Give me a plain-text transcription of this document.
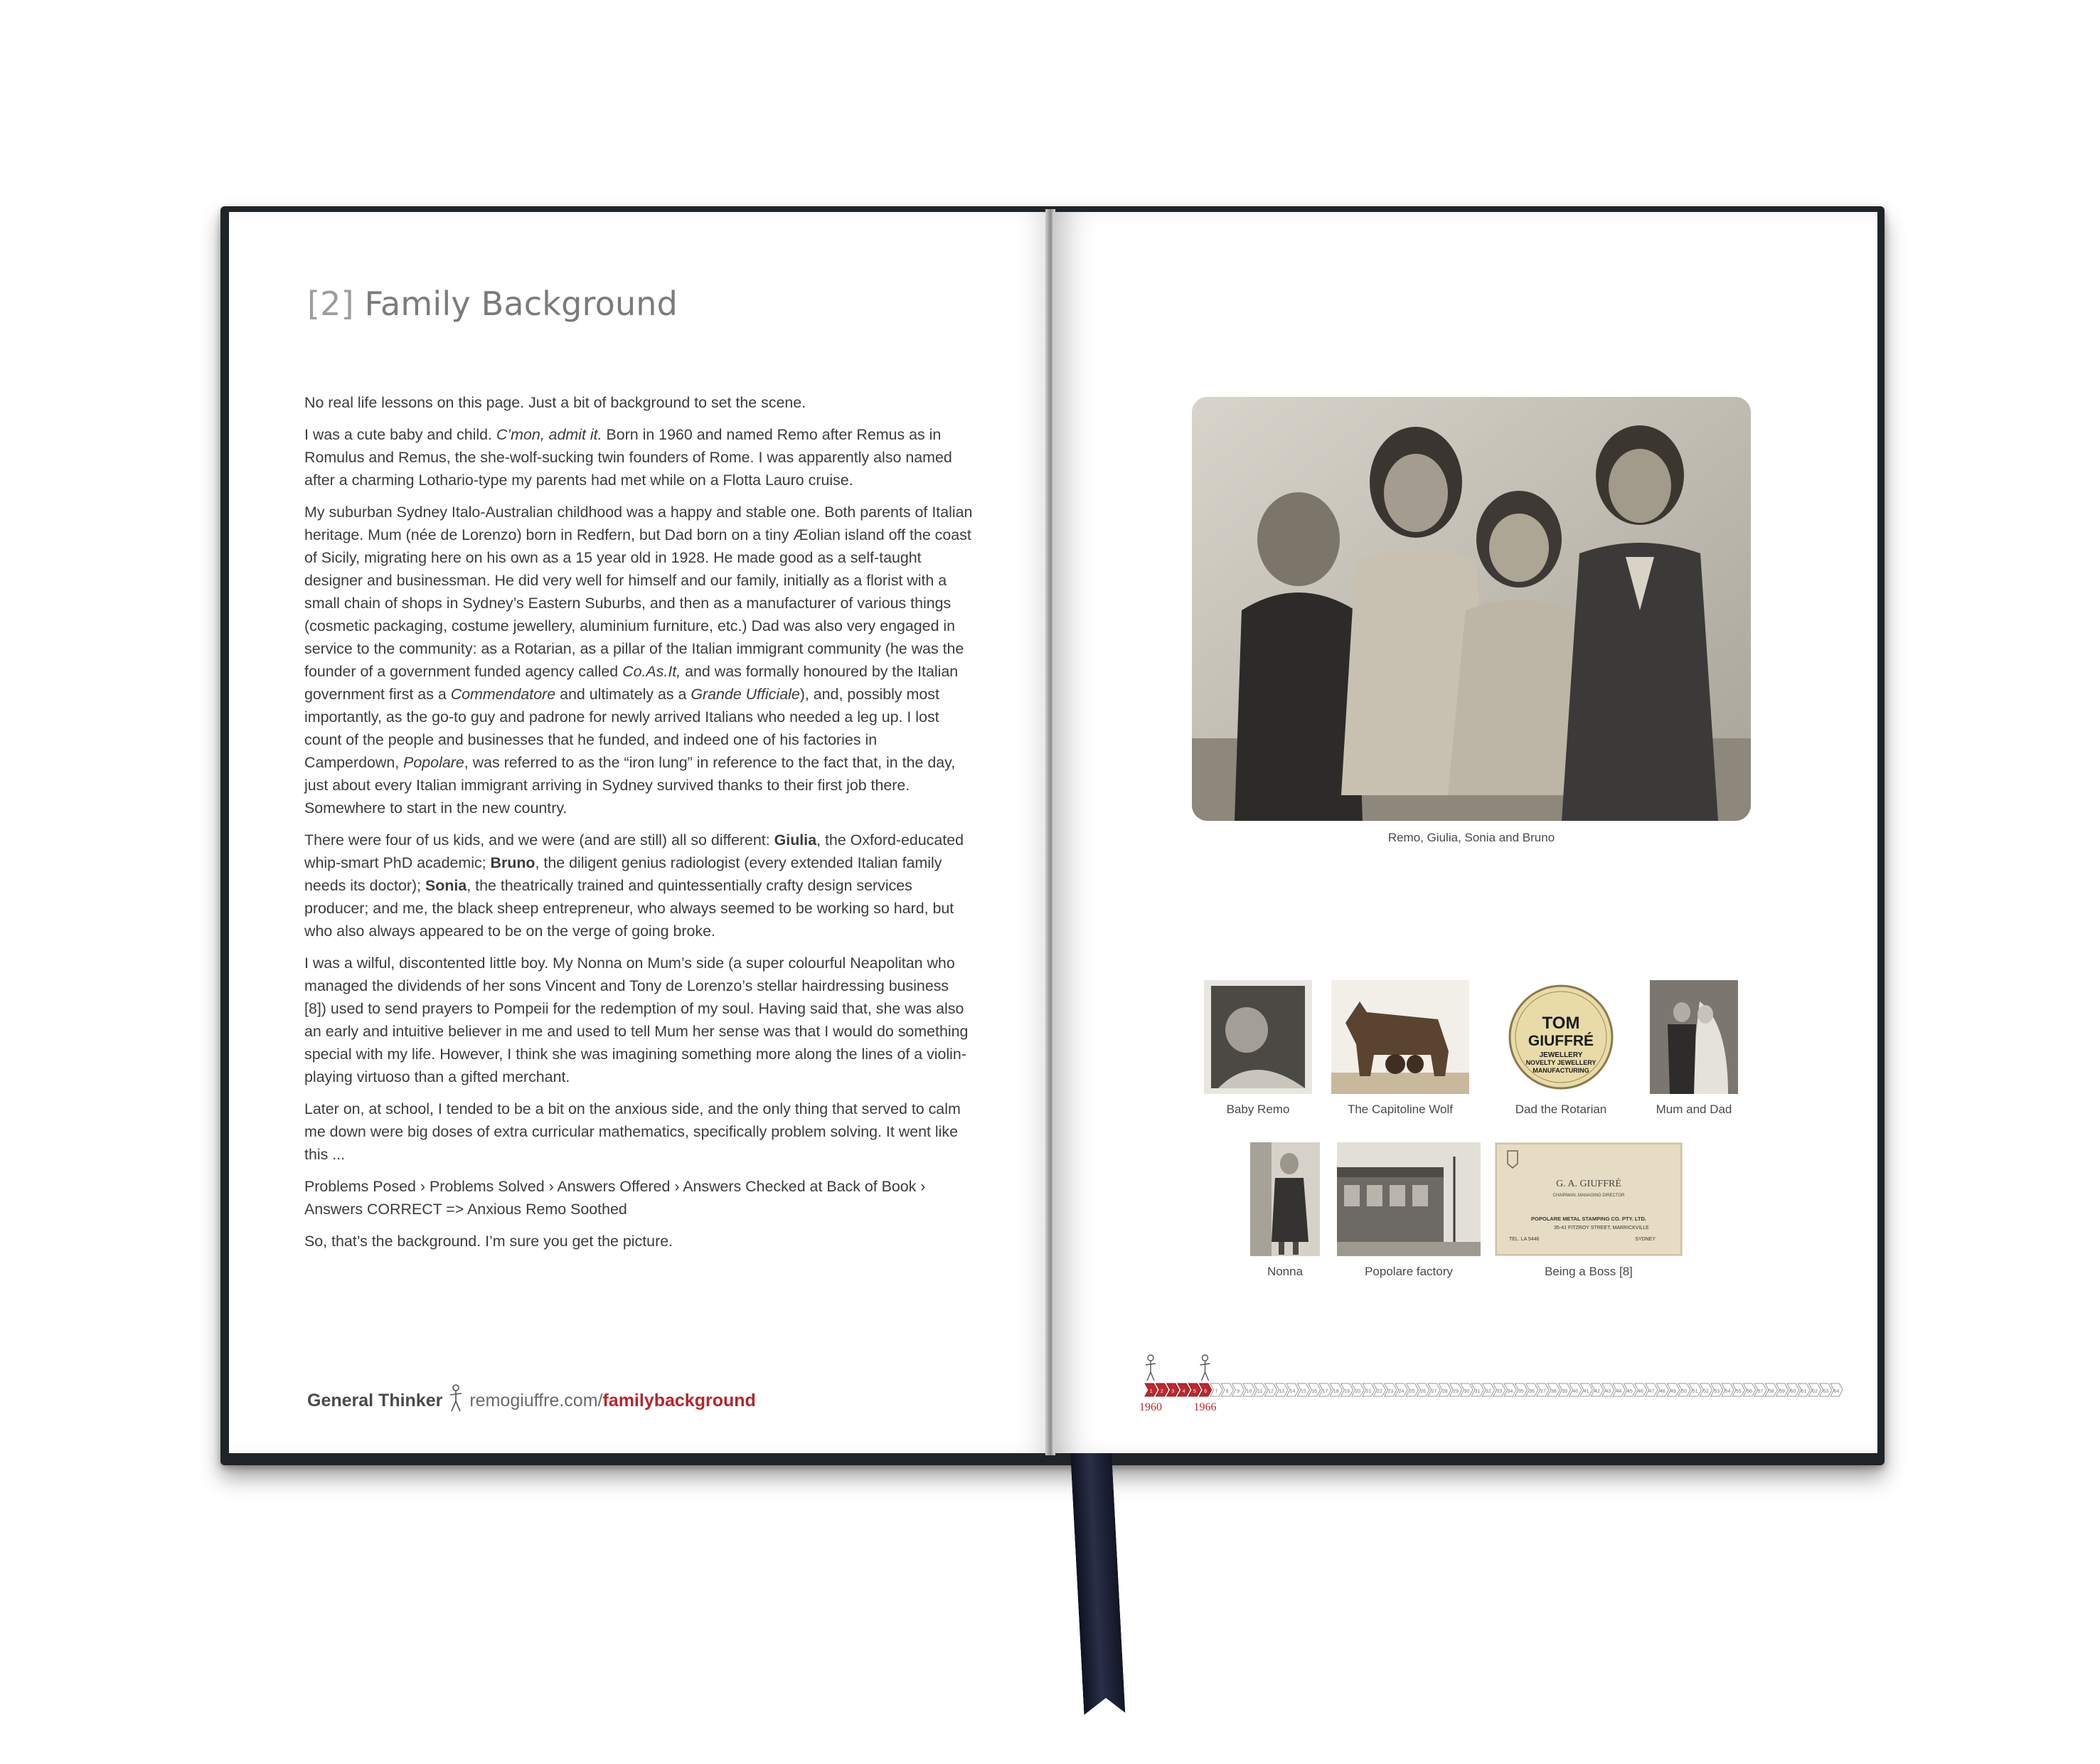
[2] Family Background

No real life lessons on this page. Just a bit of background to set the scene.

I was a cute baby and child. C’mon, admit it. Born in 1960 and named Remo after Remus as in Romulus and Remus, the she-wolf-sucking twin founders of Rome. I was apparently also named after a charming Lothario-type my parents had met while on a Flotta Lauro cruise.

My suburban Sydney Italo-Australian childhood was a happy and stable one. Both parents of Italian heritage. Mum (née de Lorenzo) born in Redfern, but Dad born on a tiny Æolian island off the coast of Sicily, migrating here on his own as a 15 year old in 1928. He made good as a self-taught designer and businessman. He did very well for himself and our family, initially as a florist with a small chain of shops in Sydney’s Eastern Suburbs, and then as a manufacturer of various things (cosmetic packaging, costume jewellery, aluminium furniture, etc.) Dad was also very engaged in service to the community: as a Rotarian, as a pillar of the Italian immigrant community (he was the founder of a government funded agency called Co.As.It, and was formally honoured by the Italian government first as a Commendatore and ultimately as a Grande Ufficiale), and, possibly most importantly, as the go-to guy and padrone for newly arrived Italians who needed a leg up. I lost count of the people and businesses that he funded, and indeed one of his factories in Camperdown, Popolare, was referred to as the “iron lung” in reference to the fact that, in the day, just about every Italian immigrant arriving in Sydney survived thanks to their first job there. Somewhere to start in the new country.

There were four of us kids, and we were (and are still) all so different: Giulia, the Oxford-educated whip-smart PhD academic; Bruno, the diligent genius radiologist (every extended Italian family needs its doctor); Sonia, the theatrically trained and quintessentially crafty design services producer; and me, the black sheep entrepreneur, who always seemed to be working so hard, but who also always appeared to be on the verge of going broke.

I was a wilful, discontented little boy. My Nonna on Mum’s side (a super colourful Neapolitan who managed the dividends of her sons Vincent and Tony de Lorenzo’s stellar hairdressing business [8]) used to send prayers to Pompeii for the redemption of my soul. Having said that, she was also an early and intuitive believer in me and used to tell Mum her sense was that I would do something special with my life. However, I think she was imagining something more along the lines of a violin-playing virtuoso than a gifted merchant.

Later on, at school, I tended to be a bit on the anxious side, and the only thing that served to calm me down were big doses of extra curricular mathematics, specifically problem solving. It went like this ...

Problems Posed › Problems Solved › Answers Offered › Answers Checked at Back of Book › Answers CORRECT => Anxious Remo Soothed

So, that’s the background. I’m sure you get the picture.

General Thinker remogiuffre.com/ familybackground
Remo, Giulia, Sonia and Bruno
Baby Remo	The Capitoline Wolf
TOM
GIUFFRÉ
JEWELLERY
NOVELTY JEWELLERY
MANUFACTURING
Dad the Rotarian	Mum and Dad
Nonna	Popolare factory
G. A. GIUFFRÉ
CHAIRMAN, MANAGING DIRECTOR
POPOLARE METAL STAMPING CO. PTY. LTD.
35-41 FITZROY STREET, MARRICKVILLE
TEL. LA 5446	SYDNEY
Being a Boss [8]
1 2 3 4 5 6 7 8 9 10 11 12 13 14 15 16 17 18 19 20 21 22 23 24 25 26 27 28 29 30 31 32 33 34 35 36 37 38 39 40 41 42 43 44 45 46 47 48 49 50 51 52 53 54 55 56 57 58 59 60 61 62 63 64
1960	1966
